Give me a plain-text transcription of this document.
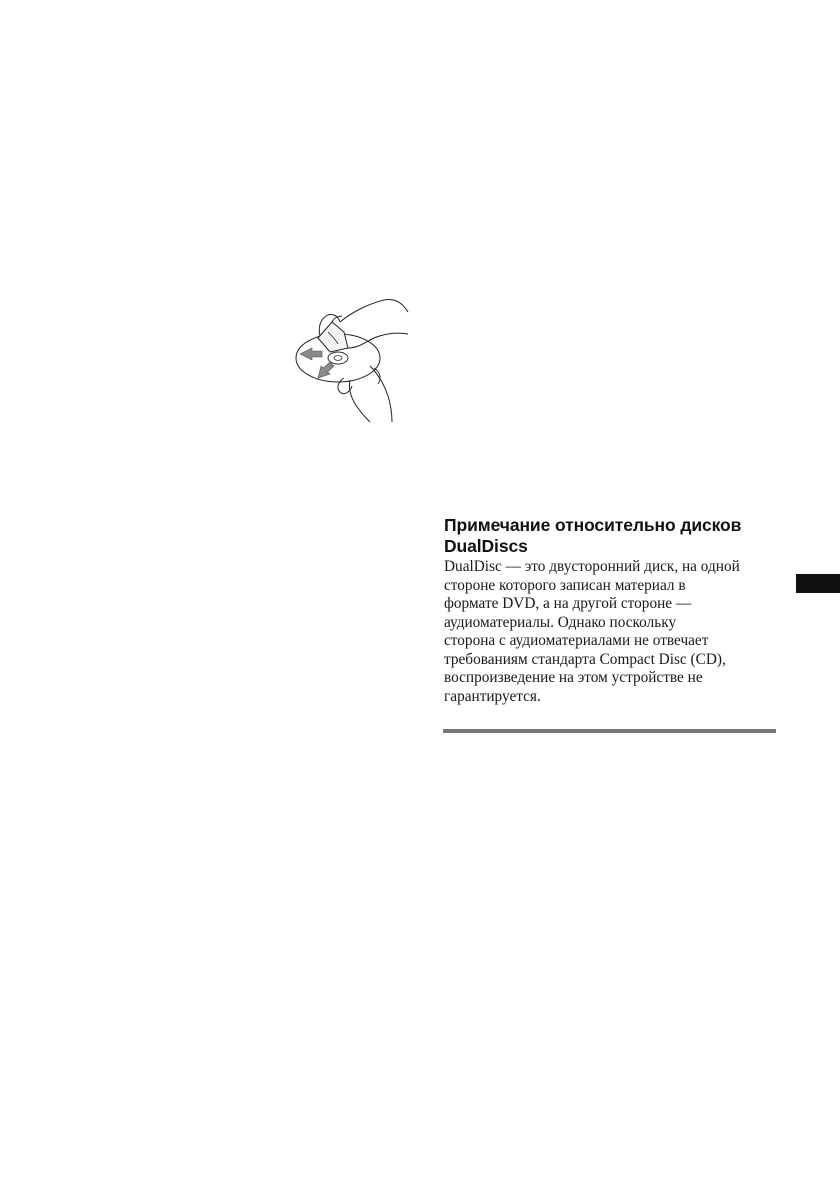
Примечание относительно дисков
DualDiscs
DualDisc — это двусторонний диск, на одной
стороне которого записан материал в
формате DVD, а на другой стороне —
аудиоматериалы. Однако поскольку
сторона с аудиоматериалами не отвечает
требованиям стандарта Compact Disc (CD),
воспроизведение на этом устройстве не
гарантируется.
